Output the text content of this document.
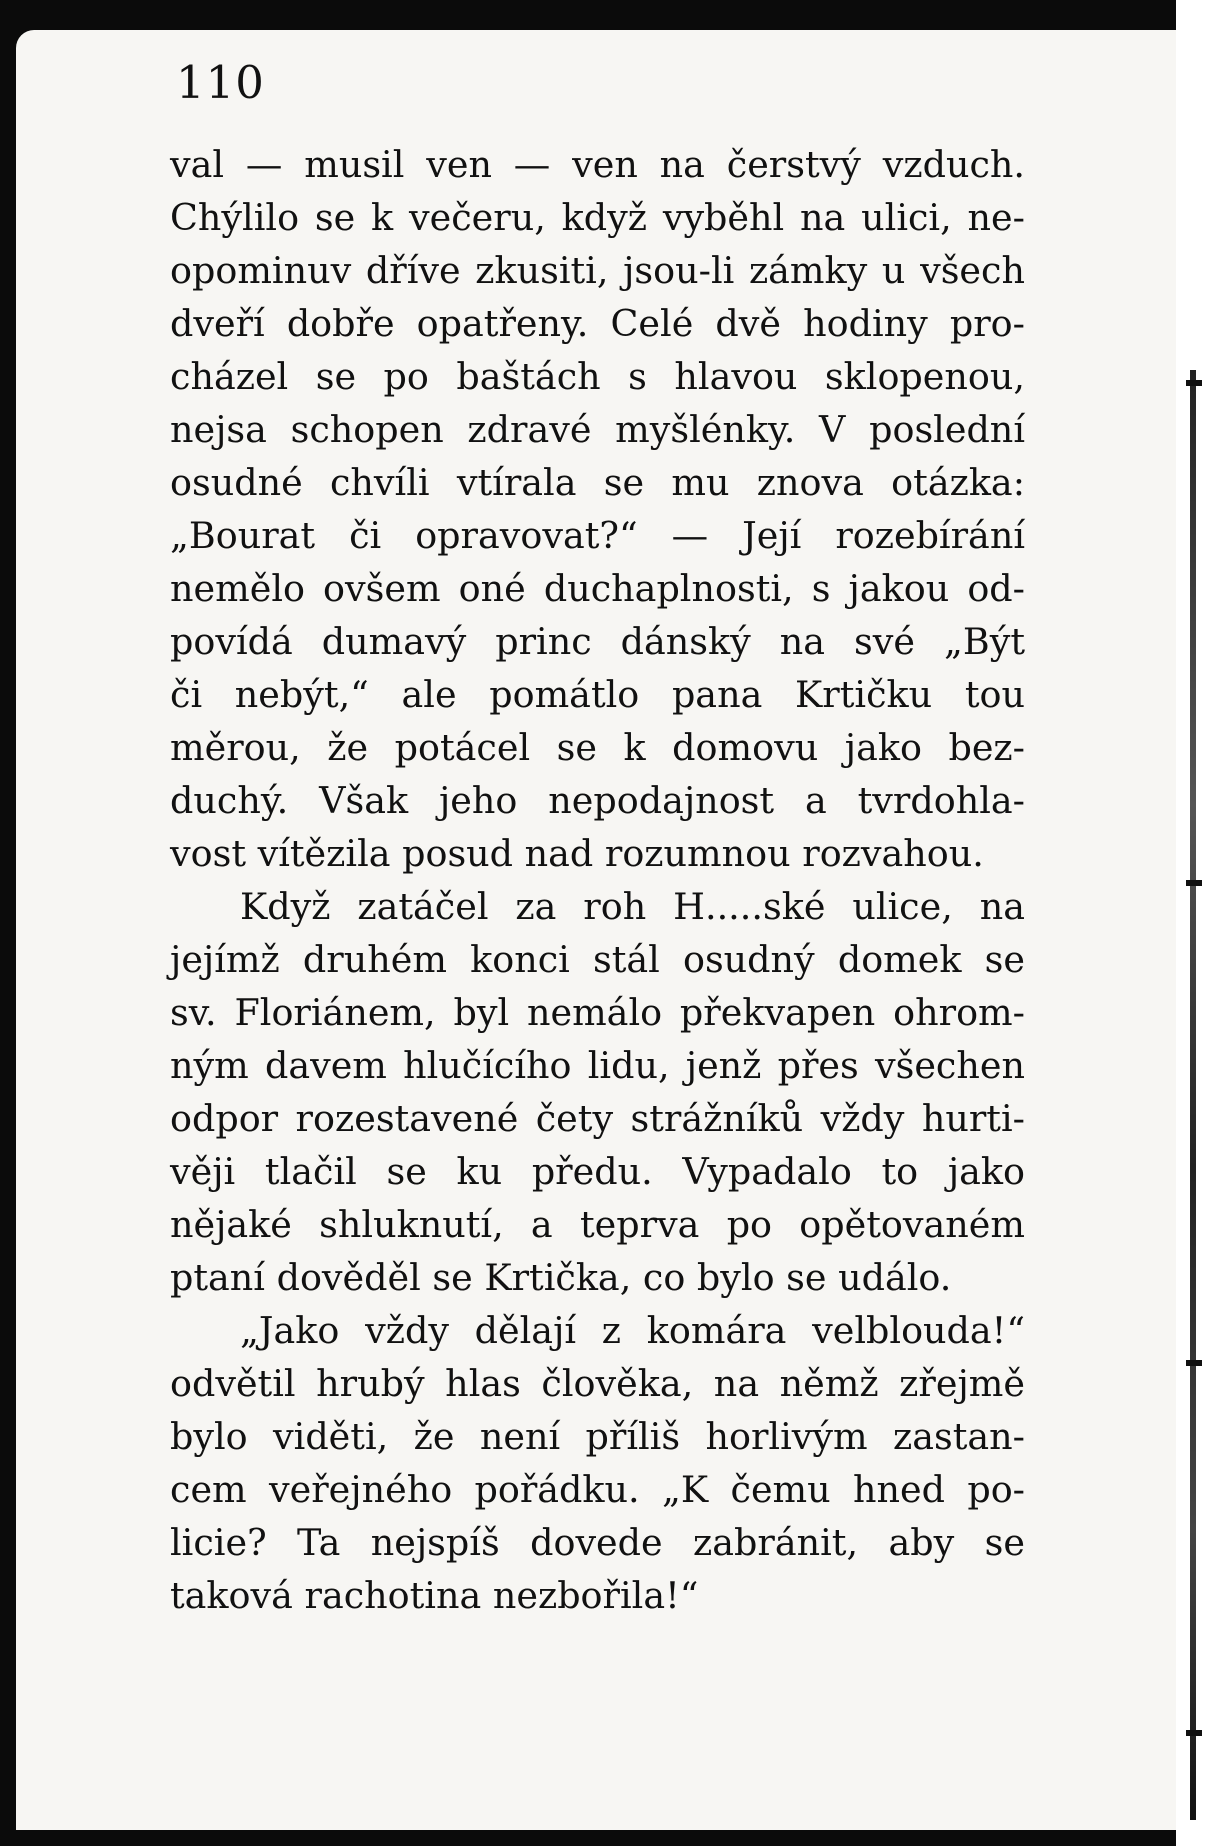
110
val — musil ven — ven na čerstvý vzduch.
Chýlilo se k večeru, když vyběhl na ulici, ne-
opominuv dříve zkusiti, jsou-li zámky u všech
dveří dobře opatřeny. Celé dvě hodiny pro-
cházel se po baštách s hlavou sklopenou,
nejsa schopen zdravé myšlénky. V poslední
osudné chvíli vtírala se mu znova otázka:
„Bourat či opravovat?“ — Její rozebírání
nemělo ovšem oné duchaplnosti, s jakou od-
povídá dumavý princ dánský na své „Být
či nebýt,“ ale pomátlo pana Krtičku tou
měrou, že potácel se k domovu jako bez-
duchý. Však jeho nepodajnost a tvrdohla-
vost vítězila posud nad rozumnou rozvahou.
Když zatáčel za roh H.....ské ulice, na
jejímž druhém konci stál osudný domek se
sv. Floriánem, byl nemálo překvapen ohrom-
ným davem hlučícího lidu, jenž přes všechen
odpor rozestavené čety strážníků vždy hurti-
věji tlačil se ku předu. Vypadalo to jako
nějaké shluknutí, a teprva po opětovaném
ptaní dověděl se Krtička, co bylo se událo.
„Jako vždy dělají z komára velblouda!“
odvětil hrubý hlas člověka, na němž zřejmě
bylo viděti, že není příliš horlivým zastan-
cem veřejného pořádku. „K čemu hned po-
licie? Ta nejspíš dovede zabránit, aby se
taková rachotina nezbořila!“
